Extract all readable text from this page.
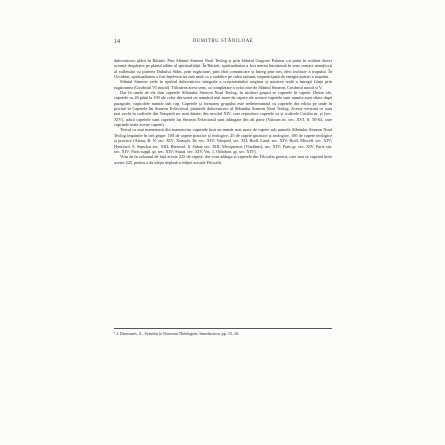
14	DUMITRU STĂNILOAE

duhovnicesc plătit în Răsărit. Prin Sfântul Simeon Noul Teolog și prin Sfântul Grigorie Palama s-a putut în evident direct această despărțire pe planul adânc al spiritualității. În Răsărit, spiritualitatea a fost mereu întreținută în sens contact nemijlocit al sufletului cu puterea Duhului Sfânt, prin rugăciune, prin fără comunicare și întreg prin om, deci inclusiv a trupului. În Occident, spiritualitatea a fost înțeleasă tot mai mult ca o stabilire pe calea rațiunii, neparticipată de energia puterii a trupului.

Sfântul Simeon vede în spiritul duhovnicesc integrale a creștinismului originar și nutrirea reală a întregii ființe prin rugăciunea (Cuvântul VI moral). Tâlcuirea acest sens, ca completare a celor zise de Sfântul Simeon, Cuvântul moral și V.

Dar în unele de ele dim capetele Sfântului Simeon Noul Teolog, în nicăieri grupul se capetele în capete. Dintre ele, capetele cu 26 până la 100 ale celor din urmă cu numărul mai mare de capete ale acestor capetele sunt numite sunt sfinte după paragrafe, capitolele numite sub cap. Capetele și formarea grupului este nedeterminată cu capetele din ediția pe unde în pricină în Capetele lui Simeon Evlaviosul, părintele duhovnicesc al Sfântului Simeon Noul Teolog. Aceste versiuni ce sunt mai vechi în codicele din Vatopedi nu sunt datate; din secolul XIV, care reproduce capetele ca și codicele Coislin nr. și (sec. XIV), adică capetele sunt capetele lui Simeon Evlaviosul sunt adăugate din alt parte (Vatican nr. sec. XVI, ff. 50-64, care cuprinde toate aceste capete).

Textul ca mai numeroasă din manuscrise cuprinde însă un număr mai mare de capete sub numele Sfântului Simeon Noul Teolog împărțite în trei grupe: 100 de capete practice și teologice, 25 de capete gnostice și teologice, 100 de capete teologice și practice (Atena, B. N. sec. XIV; Xenoph. 36, sec. XIV; Vatoped. sec. XII; Bodl. Laud. sec. XIV; Bodl. Miscell. sec. XIV; Hyerosol. S. Sepulcri sec. XIII; Hierosol. S. Sabae sec. XIII; Mosquensis (Vladimir), sec. XIV; Paris gr. sec. XIV; Paris sin. sec. XIV; Paris suppl. gr. sec. XIV; Sinait. sec. XIV, Vat. 1, Othobon. gr. sec. XIV).

Vom da în volumul de față aceste 225 de capete, dar vom adăuga și capetele din Filocalia greacă, care mai se cuprind între aceste 225, pentru a da ediția deplină a ediției actuale Filocalii.

¹ J. Darrouzès, A., Syméon le Nouveau Théologien, Introduction, pp. 15–16.
